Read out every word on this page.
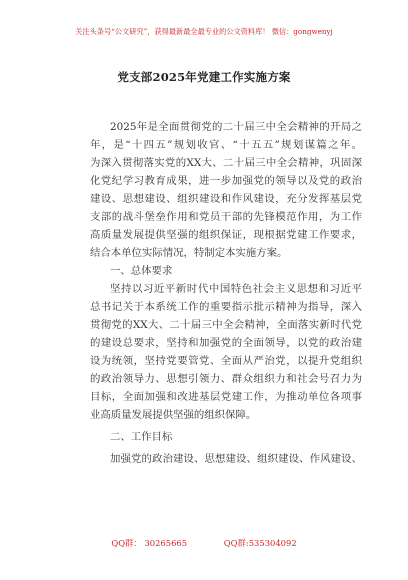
关注头条号“公文研究”，获得最新最全最专业的公文资料库！ 微信：gongwenyj
党支部2025年党建工作实施方案
2025年是全面贯彻党的二十届三中全会精神的开局之
年，是“十四五”规划收官、“十五五”规划谋篇之年。
为深入贯彻落实党的XX大、二十届三中全会精神，巩固深
化党纪学习教育成果，进一步加强党的领导以及党的政治
建设、思想建设、组织建设和作风建设，充分发挥基层党
支部的战斗堡垒作用和党员干部的先锋模范作用，为工作
高质量发展提供坚强的组织保证，现根据党建工作要求，
结合本单位实际情况，特制定本实施方案。
一、总体要求
坚持以习近平新时代中国特色社会主义思想和习近平
总书记关于本系统工作的重要指示批示精神为指导，深入
贯彻党的XX大、二十届三中全会精神，全面落实新时代党
的建设总要求，坚持和加强党的全面领导，以党的政治建
设为统领，坚持党要管党、全面从严治党，以提升党组织
的政治领导力、思想引领力、群众组织力和社会号召力为
目标，全面加强和改进基层党建工作，为推动单位各项事
业高质量发展提供坚强的组织保障。
二、工作目标
加强党的政治建设、思想建设、组织建设、作风建设、
QQ群： 30265665	QQ群:535304092
